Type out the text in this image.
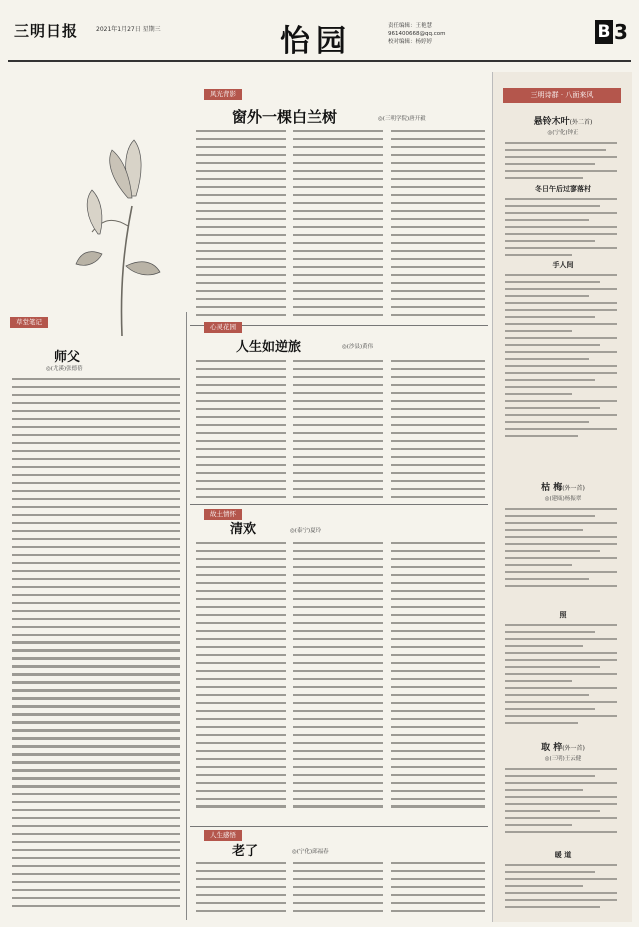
三明日报	2021年1月27日 星期三	怡园	责任编辑：王艳慧
961400668@qq.com
校对编辑：杨婷婷	B 3
风光背影
窗外一棵白兰树	◎(三明学院)唐开毅
草堂笔记
师父
◎(尤溪)张德蓓
心灵花园
人生如逆旅	◎(沙县)黄伟
故土情怀
清欢	◎(泰宁)夏玲
人生感悟
老了	◎(宁化)邱福春
三明诗群 · 八面来风
悬铃木叶(外二首)
◎(宁化)钟正
冬日午后过寥落村
手人间
枯 梅(外一首)
◎(建瓯)杨振翠
照
取 梓(外一首)
◎(三明)王云健
暖 道
